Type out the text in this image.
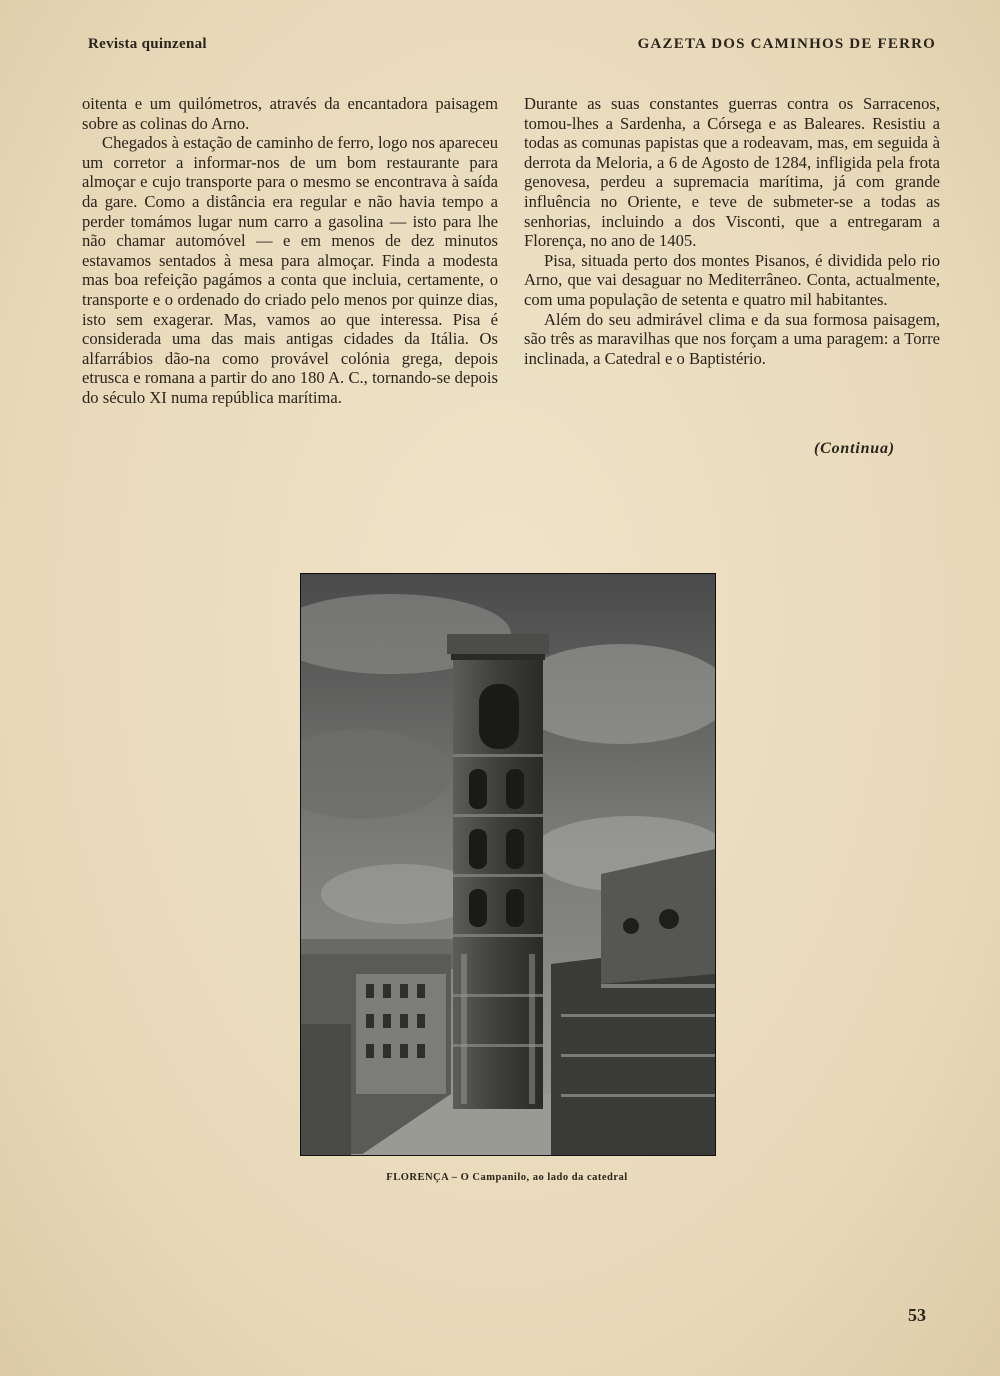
Revista quinzenal	GAZETA DOS CAMINHOS DE FERRO

oitenta e um quilómetros, através da encantadora paisagem sobre as colinas do Arno.

Chegados à estação de caminho de ferro, logo nos apareceu um corretor a informar-nos de um bom restaurante para almoçar e cujo transporte para o mesmo se encontrava à saída da gare. Como a distância era regular e não havia tempo a perder tomámos lugar num carro a gasolina — isto para lhe não chamar automóvel — e em menos de dez minutos estavamos sentados à mesa para almoçar. Finda a modesta mas boa refeição pagámos a conta que incluia, certamente, o transporte e o ordenado do criado pelo menos por quinze dias, isto sem exagerar. Mas, vamos ao que interessa. Pisa é considerada uma das mais antigas cidades da Itália. Os alfarrábios dão-na como provável colónia grega, depois etrusca e romana a partir do ano 180 A. C., tornando-se depois do século XI numa república marítima.

Durante as suas constantes guerras contra os Sarracenos, tomou-lhes a Sardenha, a Córsega e as Baleares. Resistiu a todas as comunas papistas que a rodeavam, mas, em seguida à derrota da Meloria, a 6 de Agosto de 1284, infligida pela frota genovesa, perdeu a supremacia marítima, já com grande influência no Oriente, e teve de submeter-se a todas as senhorias, incluindo a dos Visconti, que a entregaram a Florença, no ano de 1405.

Pisa, situada perto dos montes Pisanos, é dividida pelo rio Arno, que vai desaguar no Mediterrâneo. Conta, actualmente, com uma população de setenta e quatro mil habitantes.

Além do seu admirável clima e da sua formosa paisagem, são três as maravilhas que nos forçam a uma paragem: a Torre inclinada, a Catedral e o Baptistério.

(Continua)
FLORENÇA – O Campanilo, ao lado da catedral
53
